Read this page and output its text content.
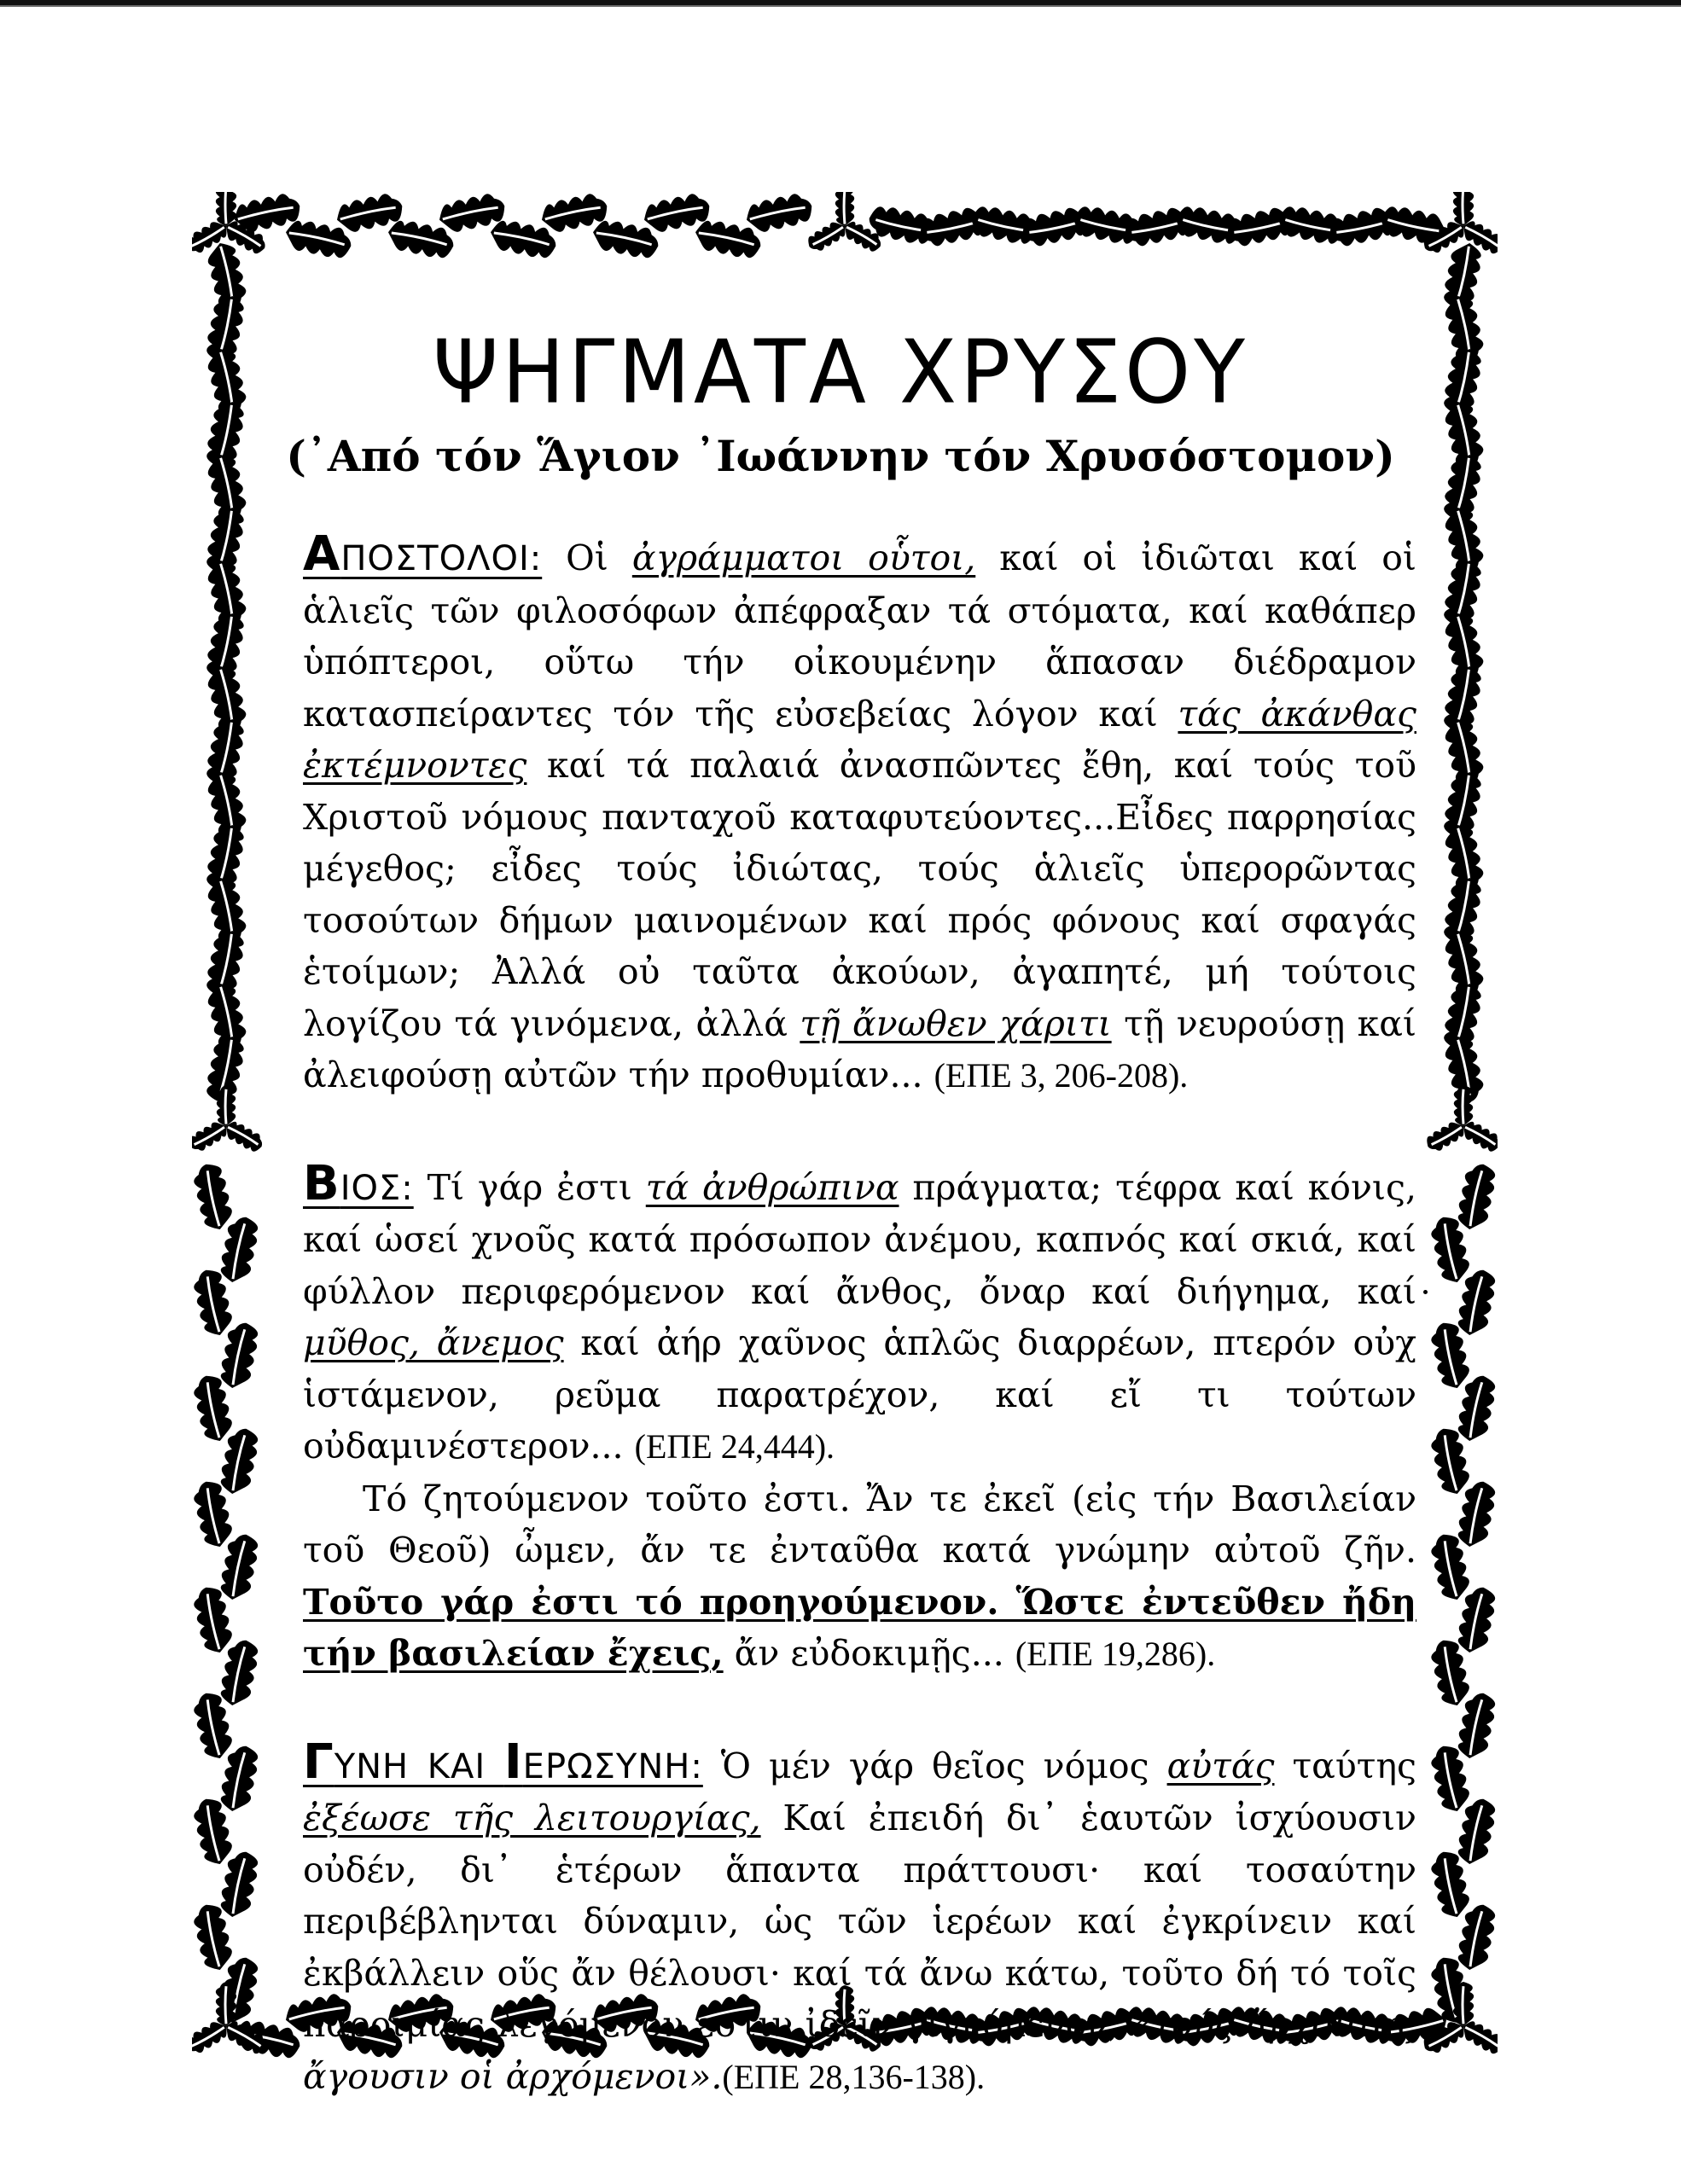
ΨΗΓΜΑΤΑ ΧΡΥΣΟΥ
(᾿Από τόν Ἅγιον ᾿Ιωάννην τόν Χρυσόστομον)

ΑΠΟΣΤΟΛΟΙ: Οἱ ἀγράμματοι οὗτοι, καί οἱ ἰδιῶται καί οἱ ἁλιεῖς τῶν φιλοσόφων ἀπέφραξαν τά στόματα, καί καθάπερ ὑπόπτεροι, οὕτω τήν οἰκουμένην ἅπασαν διέδραμον κατασπείραντες τόν τῆς εὐσεβείας λόγον καί τάς ἀκάνθας ἐκτέμνοντες καί τά παλαιά ἀνασπῶντες ἔθη, καί τούς τοῦ Χριστοῦ νόμους πανταχοῦ καταφυτεύοντες...Εἶδες παρρησίας μέγεθος; εἶδες τούς ἰδιώτας, τούς ἁλιεῖς ὑπερορῶντας τοσούτων δήμων μαινομένων καί πρός φόνους καί σφαγάς ἑτοίμων; Ἀλλά οὐ ταῦτα ἀκούων, ἀγαπητέ, μή τούτοις λογίζου τά γινόμενα, ἀλλά τῇ ἄνωθεν χάριτι τῇ νευρούσῃ καί ἀλειφούσῃ αὐτῶν τήν προθυμίαν... (ΕΠΕ 3, 206-208).

ΒΙΟΣ: Τί γάρ ἐστι τά ἀνθρώπινα πράγματα; τέφρα καί κόνις, καί ὡσεί χνοῦς κατά πρόσωπον ἀνέμου, καπνός καί σκιά, καί φύλλον περιφερόμενον καί ἄνθος, ὄναρ καί διήγημα, καί μῦθος, ἄνεμος καί ἀήρ χαῦνος ἁπλῶς διαρρέων, πτερόν οὐχ ἱστάμενον, ρεῦμα παρατρέχον, καί εἴ τι τούτων οὐδαμινέστερον... (ΕΠΕ 24,444).

Τό ζητούμενον τοῦτο ἐστι. Ἄν τε ἐκεῖ (εἰς τήν Βασιλείαν τοῦ Θεοῦ) ὦμεν, ἄν τε ἐνταῦθα κατά γνώμην αὐτοῦ ζῆν. Τοῦτο γάρ ἐστι τό προηγούμενον. Ὥστε ἐντεῦθεν ἤδη τήν βασιλείαν ἔχεις, ἄν εὐδοκιμῇς... (ΕΠΕ 19,286).

ΓΥΝΗ ΚΑΙ ΙΕΡΩΣΥΝΗ: Ὁ μέν γάρ θεῖος νόμος αὐτάς ταύτης ἐξέωσε τῆς λειτουργίας, Καί ἐπειδή δι᾿ ἑαυτῶν ἰσχύουσιν οὐδέν, δι᾿ ἑτέρων ἅπαντα πράττουσι· καί τοσαύτην περιβέβληνται δύναμιν, ὡς τῶν ἱερέων καί ἐγκρίνειν καί ἐκβάλλειν οὕς ἄν θέλουσι· καί τά ἄνω κάτω, τοῦτο δή τό τοῖς παροιμίας λεγόμενον ἔστιν ἰδεῖν γιγνόμενον, «τούς ἄρχοντας ἄγουσιν οἱ ἀρχόμενοι».(ΕΠΕ 28,136-138).
